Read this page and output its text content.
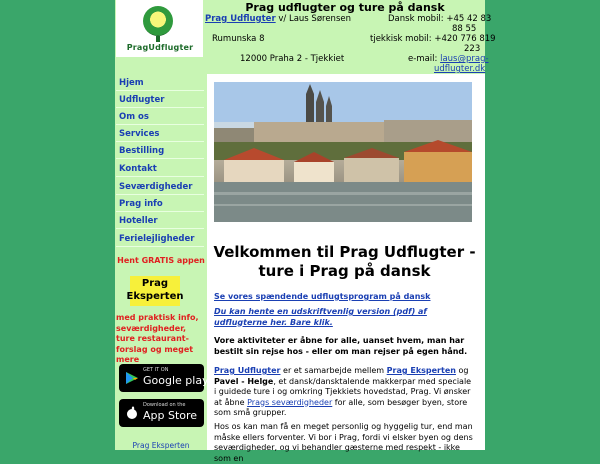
PragUdflugter
Prag udflugter og ture på dansk
Prag Udflugter v/ Laus Sørensen
Rumunska 8
12000 Praha 2 - Tjekkiet
Dansk mobil: +45 42 83
88 55
tjekkisk mobil: +420 776 819
223
e-mail: laus@prag-
udflugter.dk
Hjem
Udflugter
Om os
Services
Bestilling
Kontakt
Seværdigheder
Prag info
Hoteller
Ferielejligheder
Hent GRATIS appen
Prag
Eksperten
med praktisk info, seværdigheder, ture restaurant-forslag og meget mere
GET IT ON
Google play
Download on the
App Store
Prag Eksperten
Velkommen til Prag Udflugter - ture i Prag på dansk
Se vores spændende udflugtsprogram på dansk
Du kan hente en udskriftvenlig version (pdf) af udflugterne her. Bare klik.
Vore aktiviteter er åbne for alle, uanset hvem, man har bestilt sin rejse hos - eller om man rejser på egen hånd.
Prag Udflugter er et samarbejde mellem Prag Eksperten og Pavel - Helge, et dansk/dansktalende makkerpar med speciale i guidede ture i og omkring Tjekkiets hovedstad, Prag. Vi ønsker at åbne Prags seværdigheder for alle, som besøger byen, store som små grupper.
Hos os kan man få en meget personlig og hyggelig tur, end man måske ellers forventer. Vi bor i Prag, fordi vi elsker byen og dens seværdigheder, og vi behandler gæsterne med respekt - ikke som en
